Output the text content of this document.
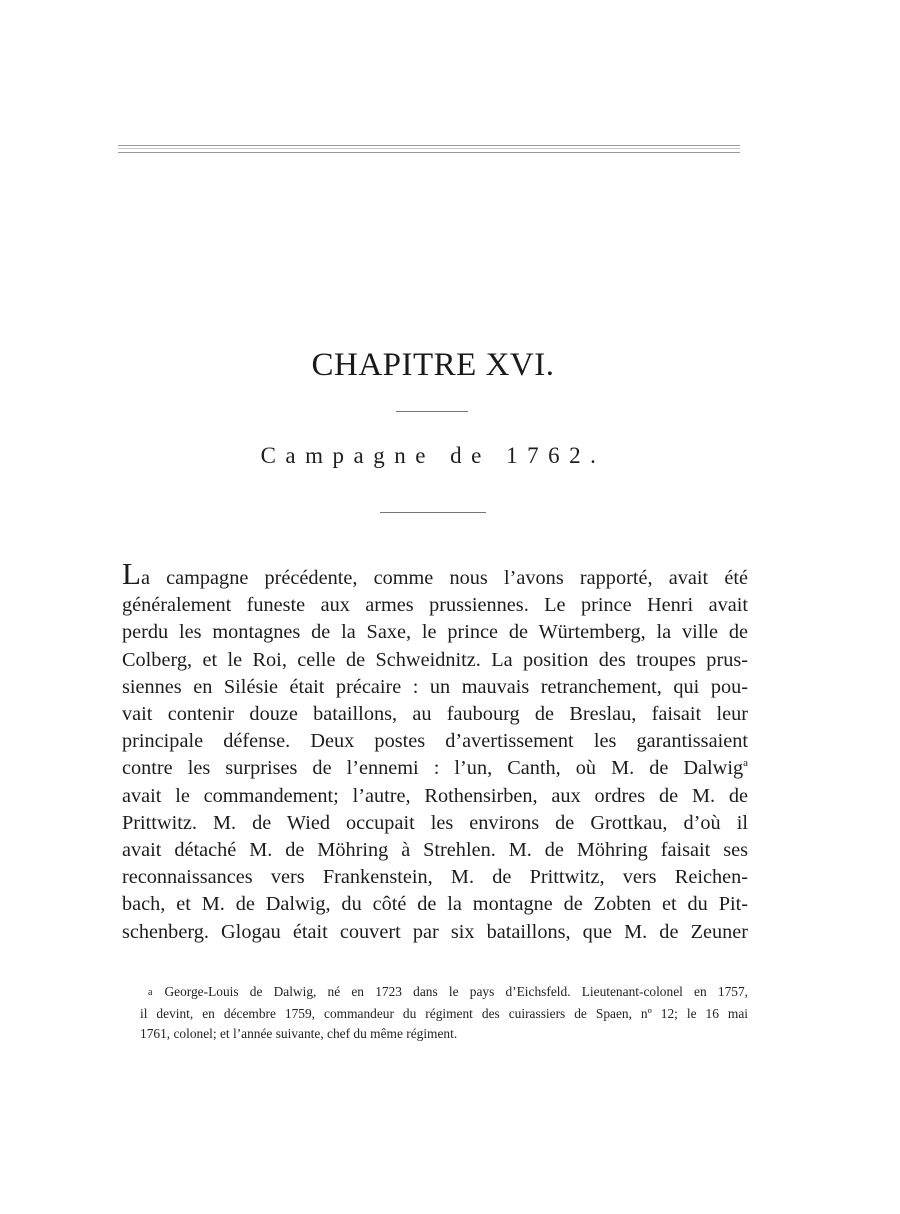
CHAPITRE XVI.
Campagne de 1762.
La campagne précédente, comme nous l’avons rapporté, avait été
généralement funeste aux armes prussiennes. Le prince Henri avait
perdu les montagnes de la Saxe, le prince de Würtemberg, la ville de
Colberg, et le Roi, celle de Schweidnitz. La position des troupes prus-
siennes en Silésie était précaire : un mauvais retranchement, qui pou-
vait contenir douze bataillons, au faubourg de Breslau, faisait leur
principale défense. Deux postes d’avertissement les garantissaient
contre les surprises de l’ennemi : l’un, Canth, où M. de Dalwig$^a$
avait le commandement; l’autre, Rothensirben, aux ordres de M. de
Prittwitz. M. de Wied occupait les environs de Grottkau, d’où il
avait détaché M. de Möhring à Strehlen. M. de Möhring faisait ses
reconnaissances vers Frankenstein, M. de Prittwitz, vers Reichen-
bach, et M. de Dalwig, du côté de la montagne de Zobten et du Pit-
schenberg. Glogau était couvert par six bataillons, que M. de Zeuner
a George-Louis de Dalwig, né en 1723 dans le pays d’Eichsfeld. Lieutenant-colonel en 1757,
il devint, en décembre 1759, commandeur du régiment des cuirassiers de Spaen, nº 12; le 16 mai
1761, colonel; et l’année suivante, chef du même régiment.
